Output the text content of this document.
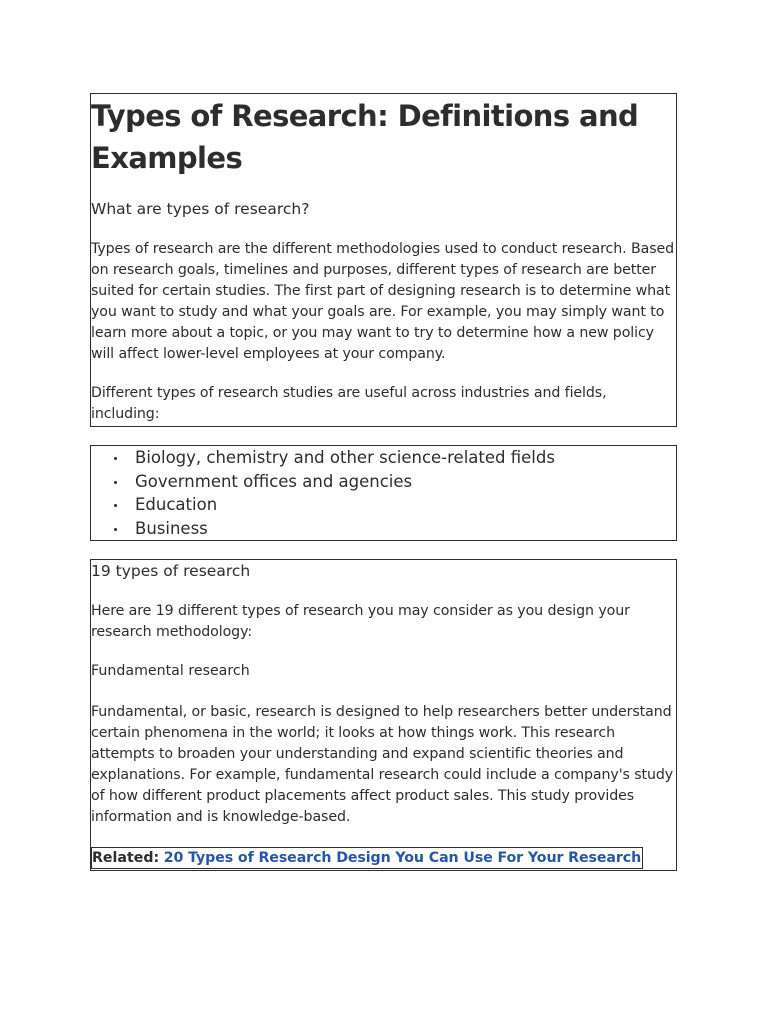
Types of Research: Definitions and Examples

What are types of research?

Types of research are the different methodologies used to conduct research. Based on research goals, timelines and purposes, different types of research are better suited for certain studies. The first part of designing research is to determine what you want to study and what your goals are. For example, you may simply want to learn more about a topic, or you may want to try to determine how a new policy will affect lower-level employees at your company.

Different types of research studies are useful across industries and fields, including:

Biology, chemistry and other science-related fields
Government offices and agencies
Education
Business

19 types of research

Here are 19 different types of research you may consider as you design your research methodology:

Fundamental research

Fundamental, or basic, research is designed to help researchers better understand certain phenomena in the world; it looks at how things work. This research attempts to broaden your understanding and expand scientific theories and explanations. For example, fundamental research could include a company's study of how different product placements affect product sales. This study provides information and is knowledge-based.

Related: 20 Types of Research Design You Can Use For Your Research
